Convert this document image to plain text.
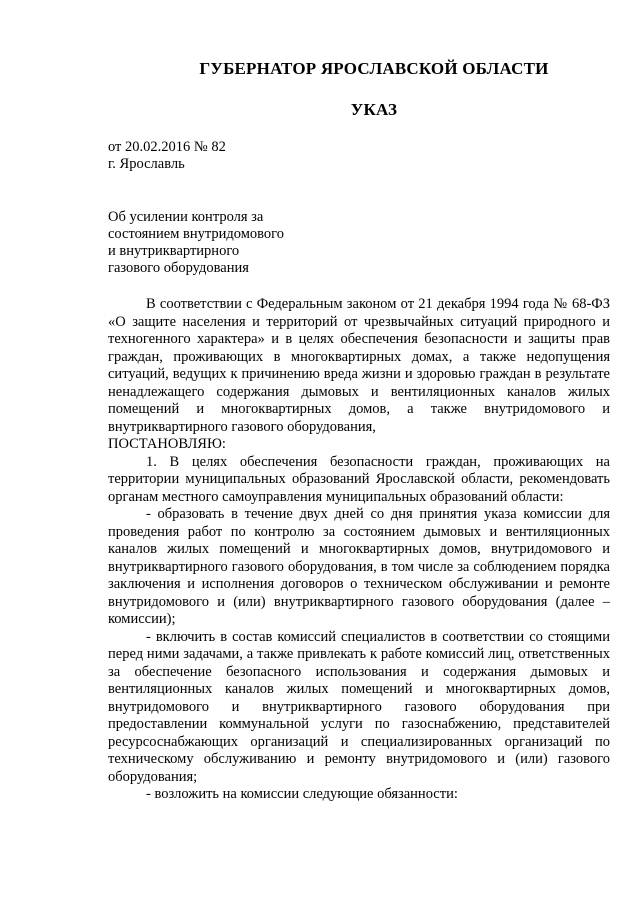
ГУБЕРНАТОР ЯРОСЛАВСКОЙ ОБЛАСТИ
УКАЗ
от 20.02.2016 № 82
г. Ярославль
Об усилении контроля за
состоянием внутридомового
и внутриквартирного
газового оборудования

В соответствии с Федеральным законом от 21 декабря 1994 года № 68-ФЗ «О защите населения и территорий от чрезвычайных ситуаций природного и техногенного характера» и в целях обеспечения безопасности и защиты прав граждан, проживающих в многоквартирных домах, а также недопущения ситуаций, ведущих к причинению вреда жизни и здоровью граждан в результате ненадлежащего содержания дымовых и вентиляционных каналов жилых помещений и многоквартирных домов, а также внутридомового и внутриквартирного газового оборудования,

ПОСТАНОВЛЯЮ:

1. В целях обеспечения безопасности граждан, проживающих на территории муниципальных образований Ярославской области, рекомендовать органам местного самоуправления муниципальных образований области:

- образовать в течение двух дней со дня принятия указа комиссии для проведения работ по контролю за состоянием дымовых и вентиляционных каналов жилых помещений и многоквартирных домов, внутридомового и внутриквартирного газового оборудования, в том числе за соблюдением порядка заключения и исполнения договоров о техническом обслуживании и ремонте внутридомового и (или) внутриквартирного газового оборудования (далее – комиссии);

- включить в состав комиссий специалистов в соответствии со стоящими перед ними задачами, а также привлекать к работе комиссий лиц, ответственных за обеспечение безопасного использования и содержания дымовых и вентиляционных каналов жилых помещений и многоквартирных домов, внутридомового и внутриквартирного газового оборудования при предоставлении коммунальной услуги по газоснабжению, представителей ресурсоснабжающих организаций и специализированных организаций по техническому обслуживанию и ремонту внутридомового и (или) газового оборудования;

- возложить на комиссии следующие обязанности:
